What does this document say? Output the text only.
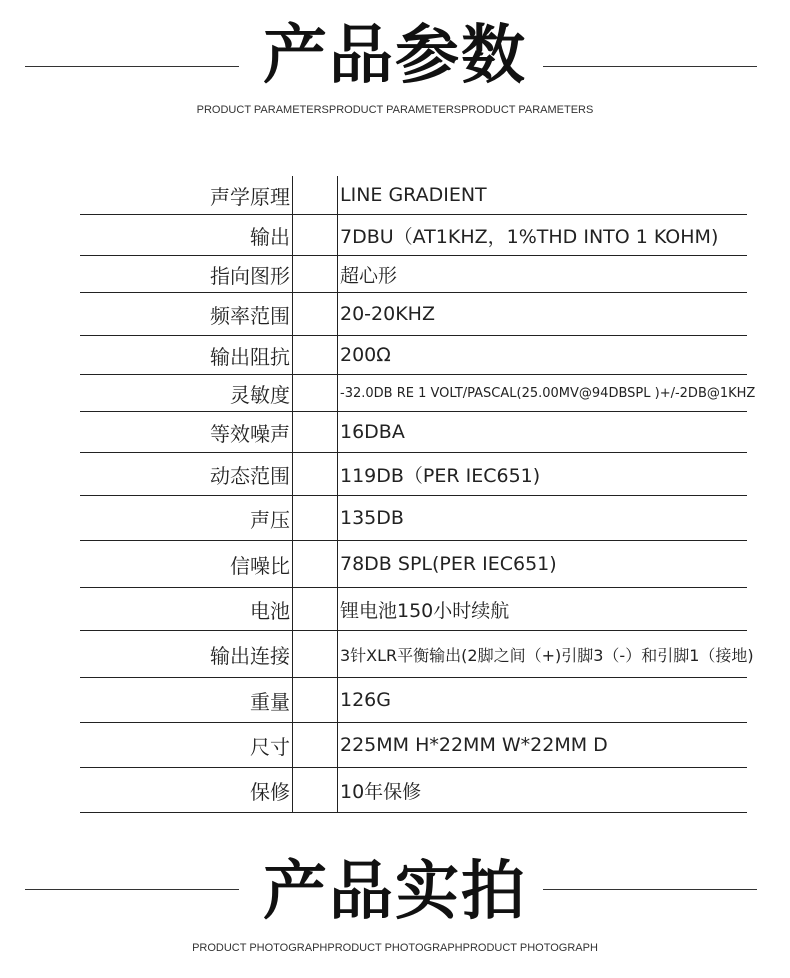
产品参数
PRODUCT PARAMETERSPRODUCT PARAMETERSPRODUCT PARAMETERS
声学原理	LINE GRADIENT
输出	7DBU（AT1KHZ，1%THD INTO 1 KOHM)
指向图形	超心形
频率范围	20-20KHZ
输出阻抗	200Ω
灵敏度	-32.0DB RE 1 VOLT/PASCAL(25.00MV@94DBSPL )+/-2DB@1KHZ
等效噪声	16DBA
动态范围	119DB（PER IEC651)
声压	135DB
信噪比	78DB SPL(PER IEC651)
电池	锂电池150小时续航
输出连接	3针XLR平衡输出(2脚之间（+)引脚3（-）和引脚1（接地)
重量	126G
尺寸	225MM H*22MM W*22MM D
保修	10年保修
产品实拍
PRODUCT PHOTOGRAPHPRODUCT PHOTOGRAPHPRODUCT PHOTOGRAPH
